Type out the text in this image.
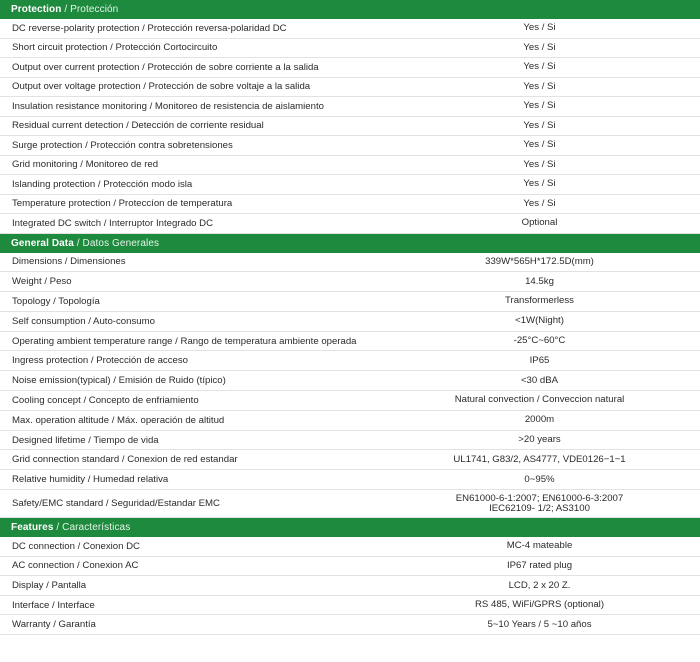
Protection / Protección
DC reverse-polarity protection / Protección reversa-polaridad DC	Yes / Si
Short circuit protection / Protección Cortocircuito	Yes / Si
Output over current protection / Protección de sobre corriente a la salida	Yes / Si
Output over voltage protection / Protección de sobre voltaje a la salida	Yes / Si
Insulation resistance monitoring / Monitoreo de resistencia de aislamiento	Yes / Si
Residual current detection / Detección de corriente residual	Yes / Si
Surge protection / Protección contra sobretensiones	Yes / Si
Grid monitoring / Monitoreo de red	Yes / Si
Islanding protection / Protección modo isla	Yes / Si
Temperature protection / Proteccíon de temperatura	Yes / Si
Integrated DC switch / Interruptor Integrado DC	Optional
General Data / Datos Generales
Dimensions / Dimensiones	339W*565H*172.5D(mm)
Weight / Peso	14.5kg
Topology / Topología	Transformerless
Self consumption / Auto-consumo	<1W(Night)
Operating ambient temperature range / Rango de temperatura ambiente operada	-25°C~60°C
Ingress protection / Protección de acceso	IP65
Noise emission(typical) / Emisión de Ruido (típico)	<30 dBA
Cooling concept / Concepto de enfriamiento	Natural convection / Conveccion natural
Max. operation altitude / Máx. operación de altitud	2000m
Designed lifetime / Tiempo de vida	>20 years
Grid connection standard / Conexion de red estandar	UL1741, G83/2, AS4777, VDE0126−1−1
Relative humidity / Humedad relativa	0~95%
Safety/EMC standard / Seguridad/Estandar EMC	EN61000-6-1:2007; EN61000-6-3:2007
IEC62109- 1/2; AS3100
Features / Características
DC connection / Conexion DC	MC-4 mateable
AC connection / Conexion AC	IP67 rated plug
Display / Pantalla	LCD, 2 x 20 Z.
Interface / Interface	RS 485, WiFi/GPRS (optional)
Warranty / Garantía	5~10 Years / 5 ~10 años
